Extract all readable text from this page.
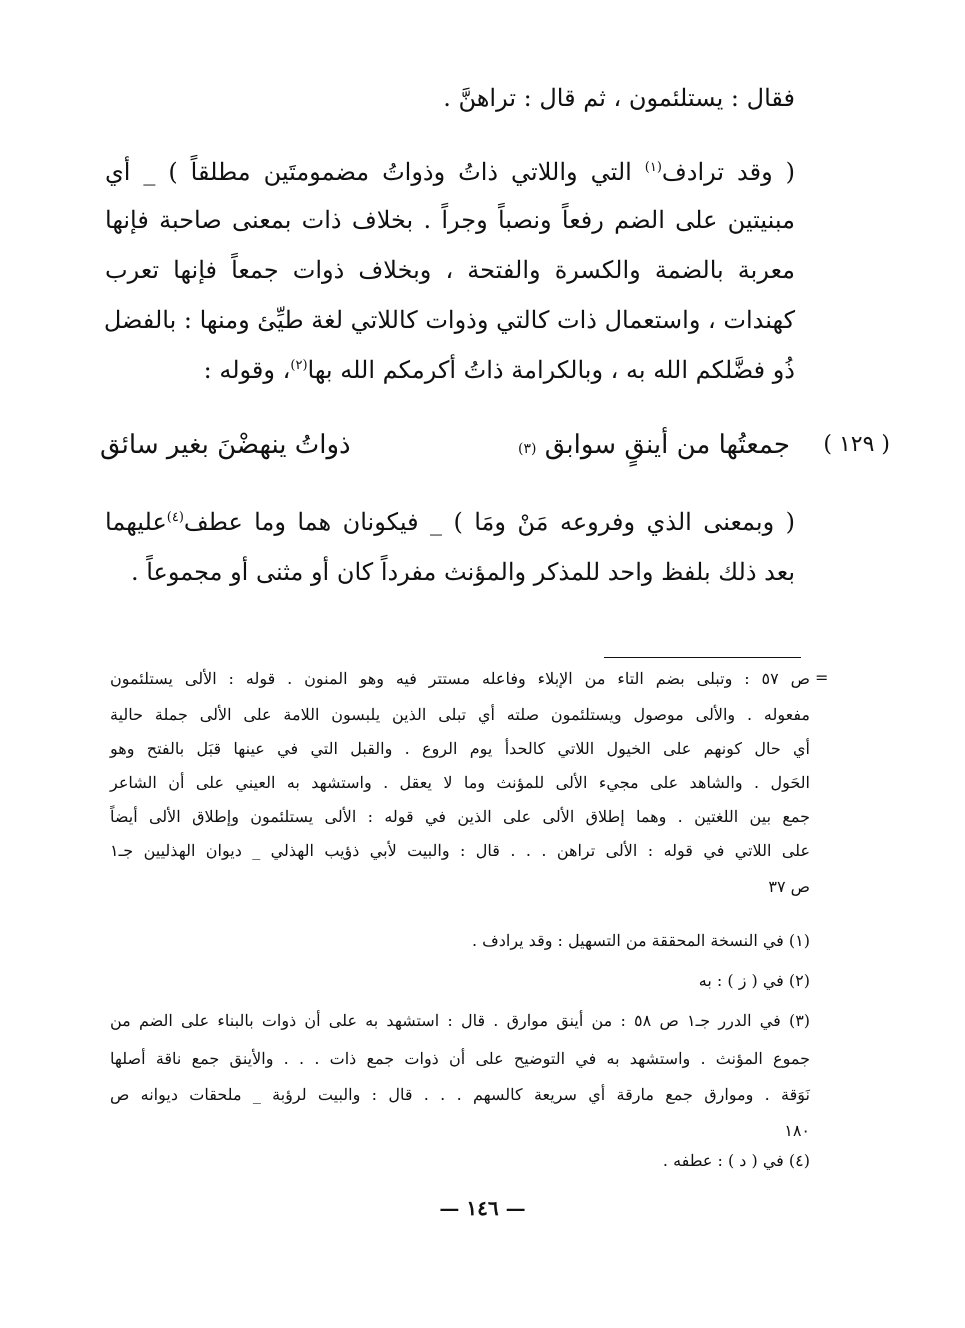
فقال : يستلئمون ، ثم قال : تراهنَّ .
( وقد ترادف$^{(١)}$ التي واللاتي ذاتُ وذواتُ مضمومتَين مطلقاً ) _ أي
مبنيتين على الضم رفعاً ونصباً وجراً . بخلاف ذات بمعنى صاحبة فإنها
معربة بالضمة والكسرة والفتحة ، وبخلاف ذوات جمعاً فإنها تعرب
كهندات ، واستعمال ذات كالتي وذوات كاللاتي لغة طيِّئ ومنها : بالفضل
ذُو فضَّلكم الله به ، وبالكرامة ذاتُ أكرمكم الله بها$^{(٢)}$، وقوله :
( ١٢٩ )
جمعتُها من أينقٍ سوابق (٣)
ذواتُ ينهضْنَ بغير سائق
( وبمعنى الذي وفروعه مَنْ ومَا ) _ فيكونان هما وما عطف$^{(٤)}$عليهما
بعد ذلك بلفظ واحد للمذكر والمؤنث مفرداً كان أو مثنى أو مجموعاً .
=
ص ٥٧ : وتبلى بضم التاء من الإبلاء وفاعله مستتر فيه وهو المنون . قوله : الألى يستلئمون
مفعوله . والألى موصول ويستلئمون صلته أي تبلى الذين يلبسون اللامة على الألى جملة حالية
أي حال كونهم على الخيول اللاتي كالحدأ يوم الروع . والقبل التي في عينها قبَل بالفتح وهو
الحَول . والشاهد على مجيء الألى للمؤنث وما لا يعقل . واستشهد به العيني على أن الشاعر
جمع بين اللغتين . وهما إطلاق الألى على الذين في قوله : الألى يستلئمون وإطلاق الألى أيضاً
على اللاتي في قوله : الألى تراهن . . . قال : والبيت لأبي ذؤيب الهذلي _ ديوان الهذليين جـ١
ص ٣٧
(١) في النسخة المحققة من التسهيل : وقد يرادف .
(٢) في ( ز ) : به
(٣) في الدرر جـ١ ص ٥٨ : من أينق موارق . قال : استشهد به على أن ذوات بالبناء على الضم من
جموع المؤنث . واستشهد به في التوضيح على أن ذوات جمع ذات . . . والأينق جمع ناقة أصلها
نَوَقة . وموارق جمع مارقة أي سريعة كالسهم . . . قال : والبيت لرؤبة _ ملحقات ديوانه ص
١٨٠
(٤) في ( د ) : عطفه .
— ١٤٦ —
